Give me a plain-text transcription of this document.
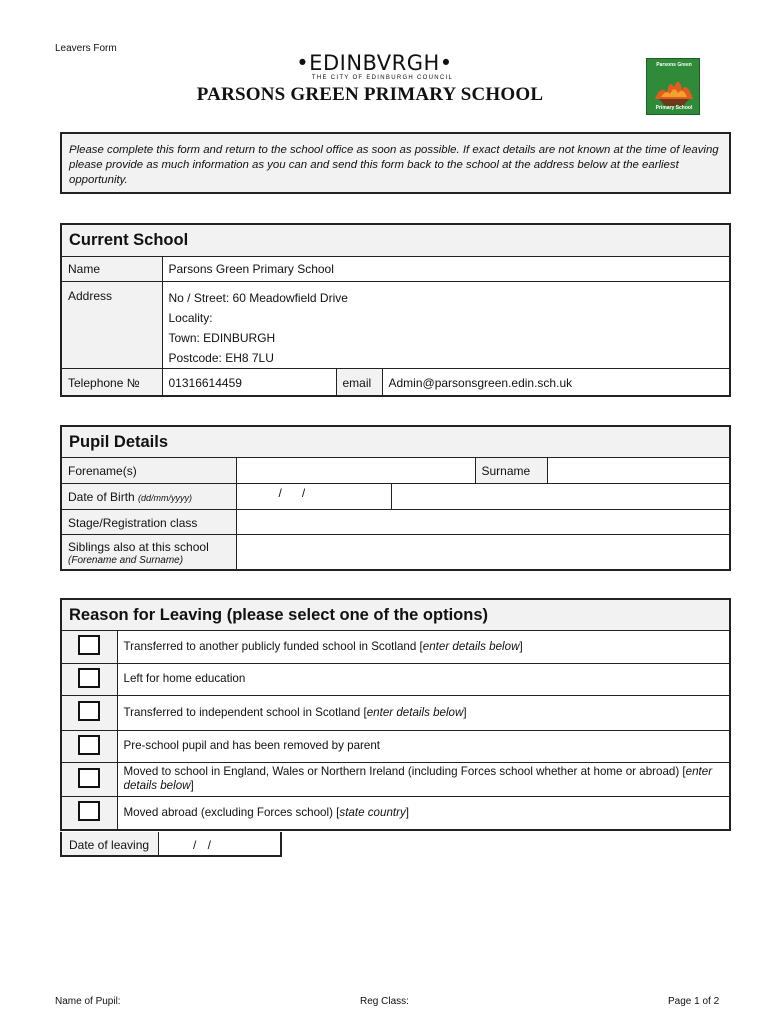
Leavers Form
•EDINBVRGH•
THE CITY OF EDINBURGH COUNCIL
PARSONS GREEN PRIMARY SCHOOL
Parsons Green
Primary School

Please complete this form and return to the school office as soon as possible. If exact details are not known at the time of leaving please provide as much information as you can and send this form back to the school at the address below at the earliest opportunity.

Current School
Name	Parsons Green Primary School		
Address	No / Street: 60 Meadowfield Drive
Locality:
Town: EDINBURGH
Postcode: EH8 7LU		

Telephone №	01316614459	email	Admin@parsonsgreen.edin.sch.uk
Pupil Details
Forename(s)			Surname	
Date of Birth (dd/mm/yyyy)	/      /			
Stage/Registration class				

Siblings also at this school
(Forename and Surname)				

Reason for Leaving (please select one of the options)
	Transferred to another publicly funded school in Scotland [enter details below]
	Left for home education
	Transferred to independent school in Scotland [enter details below]
	Pre-school pupil and has been removed by parent
	Moved to school in England, Wales or Northern Ireland (including Forces school whether at home or abroad) [enter details below]
	Moved abroad (excluding Forces school) [state country]
Date of leaving	/ /
Name of Pupil:	Reg Class:	Page 1 of 2
